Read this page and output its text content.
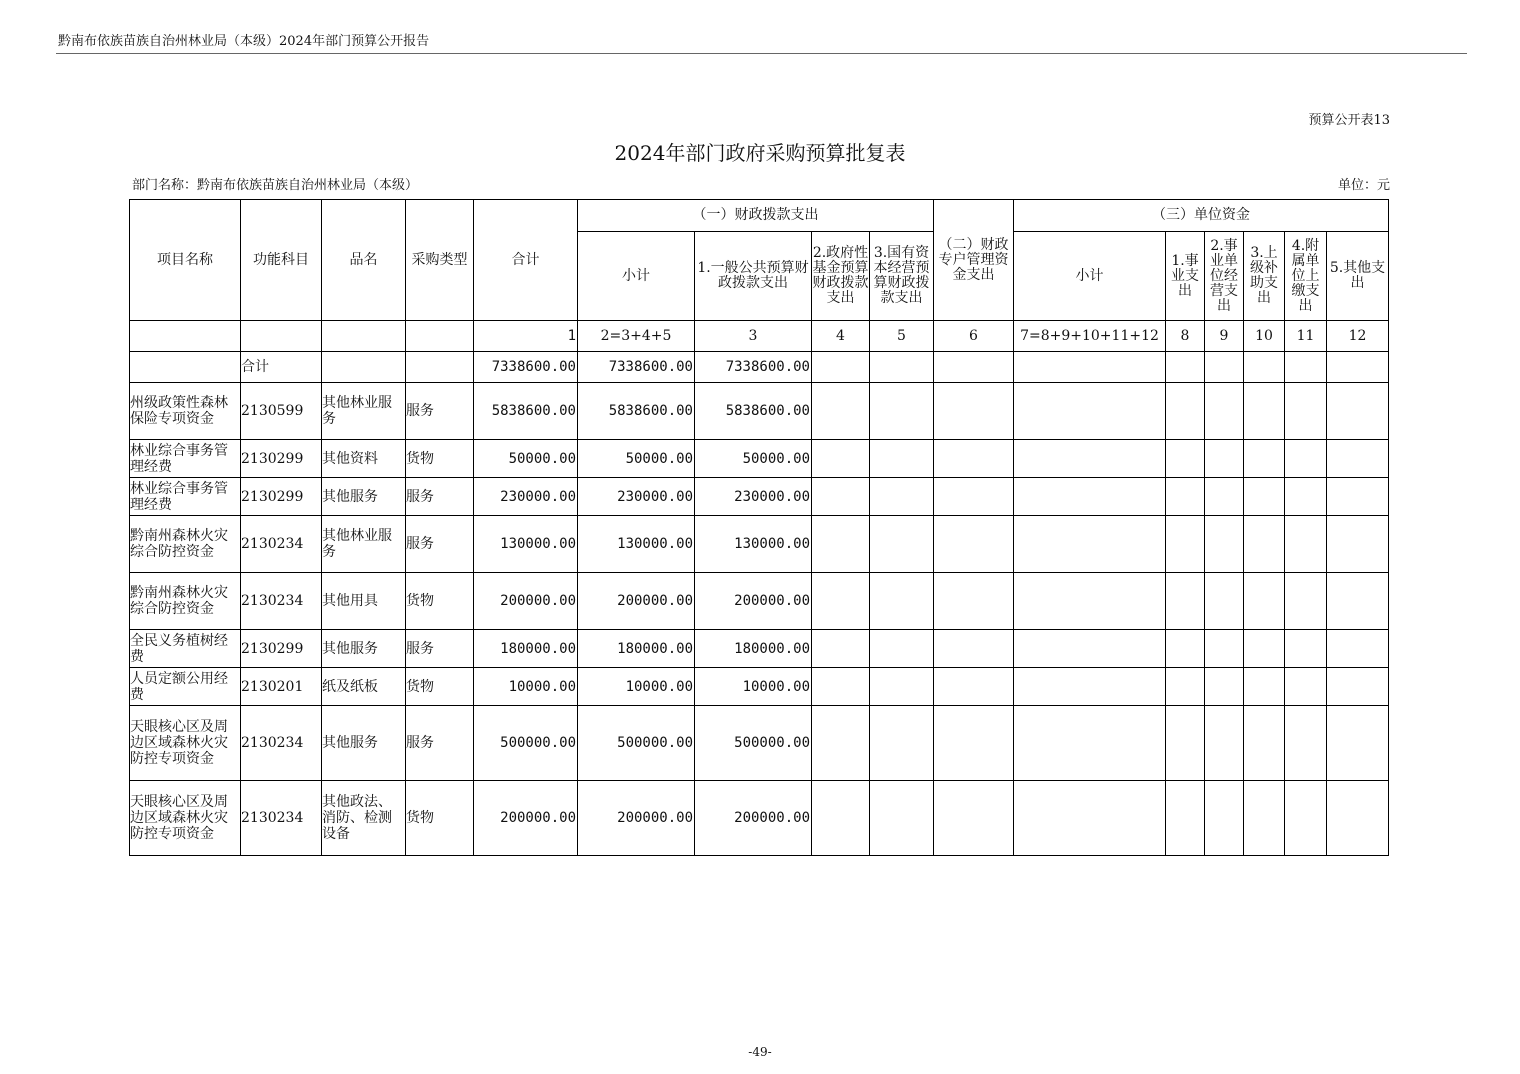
黔南布依族苗族自治州林业局（本级）2024年部门预算公开报告
预算公开表13
2024年部门政府采购预算批复表
部门名称：黔南布依族苗族自治州林业局（本级）	单位：元
项目名称	功能科目	品名	采购类型	合计	（一）财政拨款支出				（二）财政专户管理资金支出	（三）单位资金					
					小计	1.一般公共预算财政拨款支出	2.政府性基金预算财政拨款支出	3.国有资本经营预算财政拨款支出		小计	1.事业支出	2.事业单位经营支出	3.上级补助支出	4.附属单位上缴支出	5.其他支出
				1	2=3+4+5	3	4	5	6	7=8+9+10+11+12	8	9	10	11	12
	合计			7338600.00	7338600.00	7338600.00									
州级政策性森林保险专项资金	2130599	其他林业服务	服务	5838600.00	5838600.00	5838600.00									
林业综合事务管理经费	2130299	其他资料	货物	50000.00	50000.00	50000.00									
林业综合事务管理经费	2130299	其他服务	服务	230000.00	230000.00	230000.00									
黔南州森林火灾综合防控资金	2130234	其他林业服务	服务	130000.00	130000.00	130000.00									
黔南州森林火灾综合防控资金	2130234	其他用具	货物	200000.00	200000.00	200000.00									
全民义务植树经费	2130299	其他服务	服务	180000.00	180000.00	180000.00									
人员定额公用经费	2130201	纸及纸板	货物	10000.00	10000.00	10000.00									
天眼核心区及周边区域森林火灾防控专项资金	2130234	其他服务	服务	500000.00	500000.00	500000.00									
天眼核心区及周边区域森林火灾防控专项资金	2130234	其他政法、消防、检测设备	货物	200000.00	200000.00	200000.00									
-49-
